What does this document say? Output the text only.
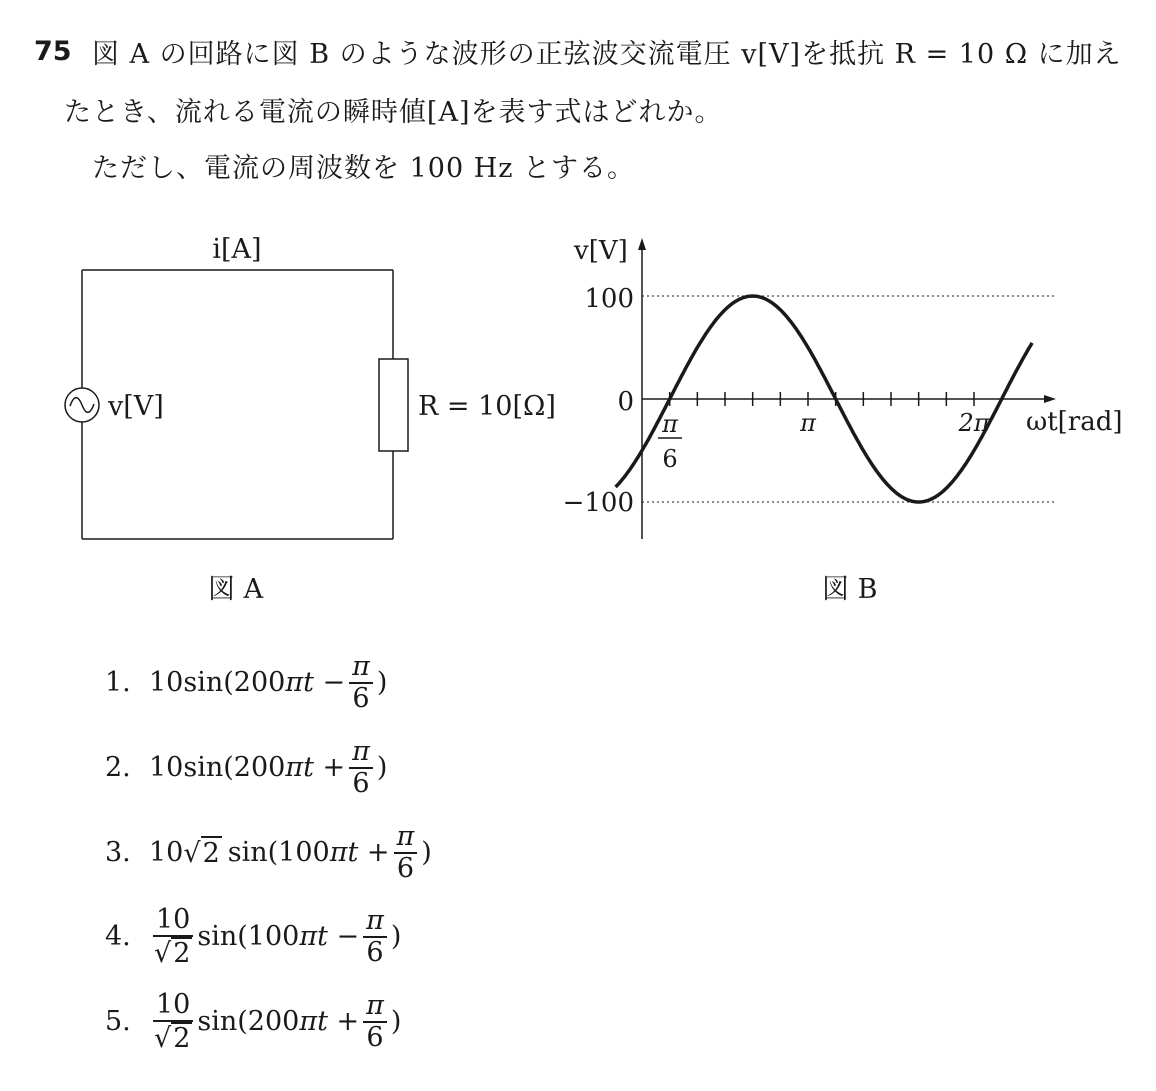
75 図 A の回路に図 B のような波形の正弦波交流電圧 v[V]を抵抗 R = 10 Ω に加え
たとき、流れる電流の瞬時値[A]を表す式はどれか。
ただし、電流の周波数を 100 Hz とする。
i[A]
v[V]	R = 10[Ω]
図 A
v[V]
ωt[rad]
100
0
−100
π
6
π	2π
図 B
1. 10 sin(200 π $t - \frac{\pi}{6}$ )
2. 10 sin(200 π $t + \frac{\pi}{6}$ )
3. 10 √ 2 sin(100 π $t + \frac{\pi}{6}$ )
4. $\frac{10}{√ 2} \sin(100$ π $t - \frac{\pi}{6}$ )
5. $\frac{10}{√ 2} \sin(200$ π $t + \frac{\pi}{6}$ )
